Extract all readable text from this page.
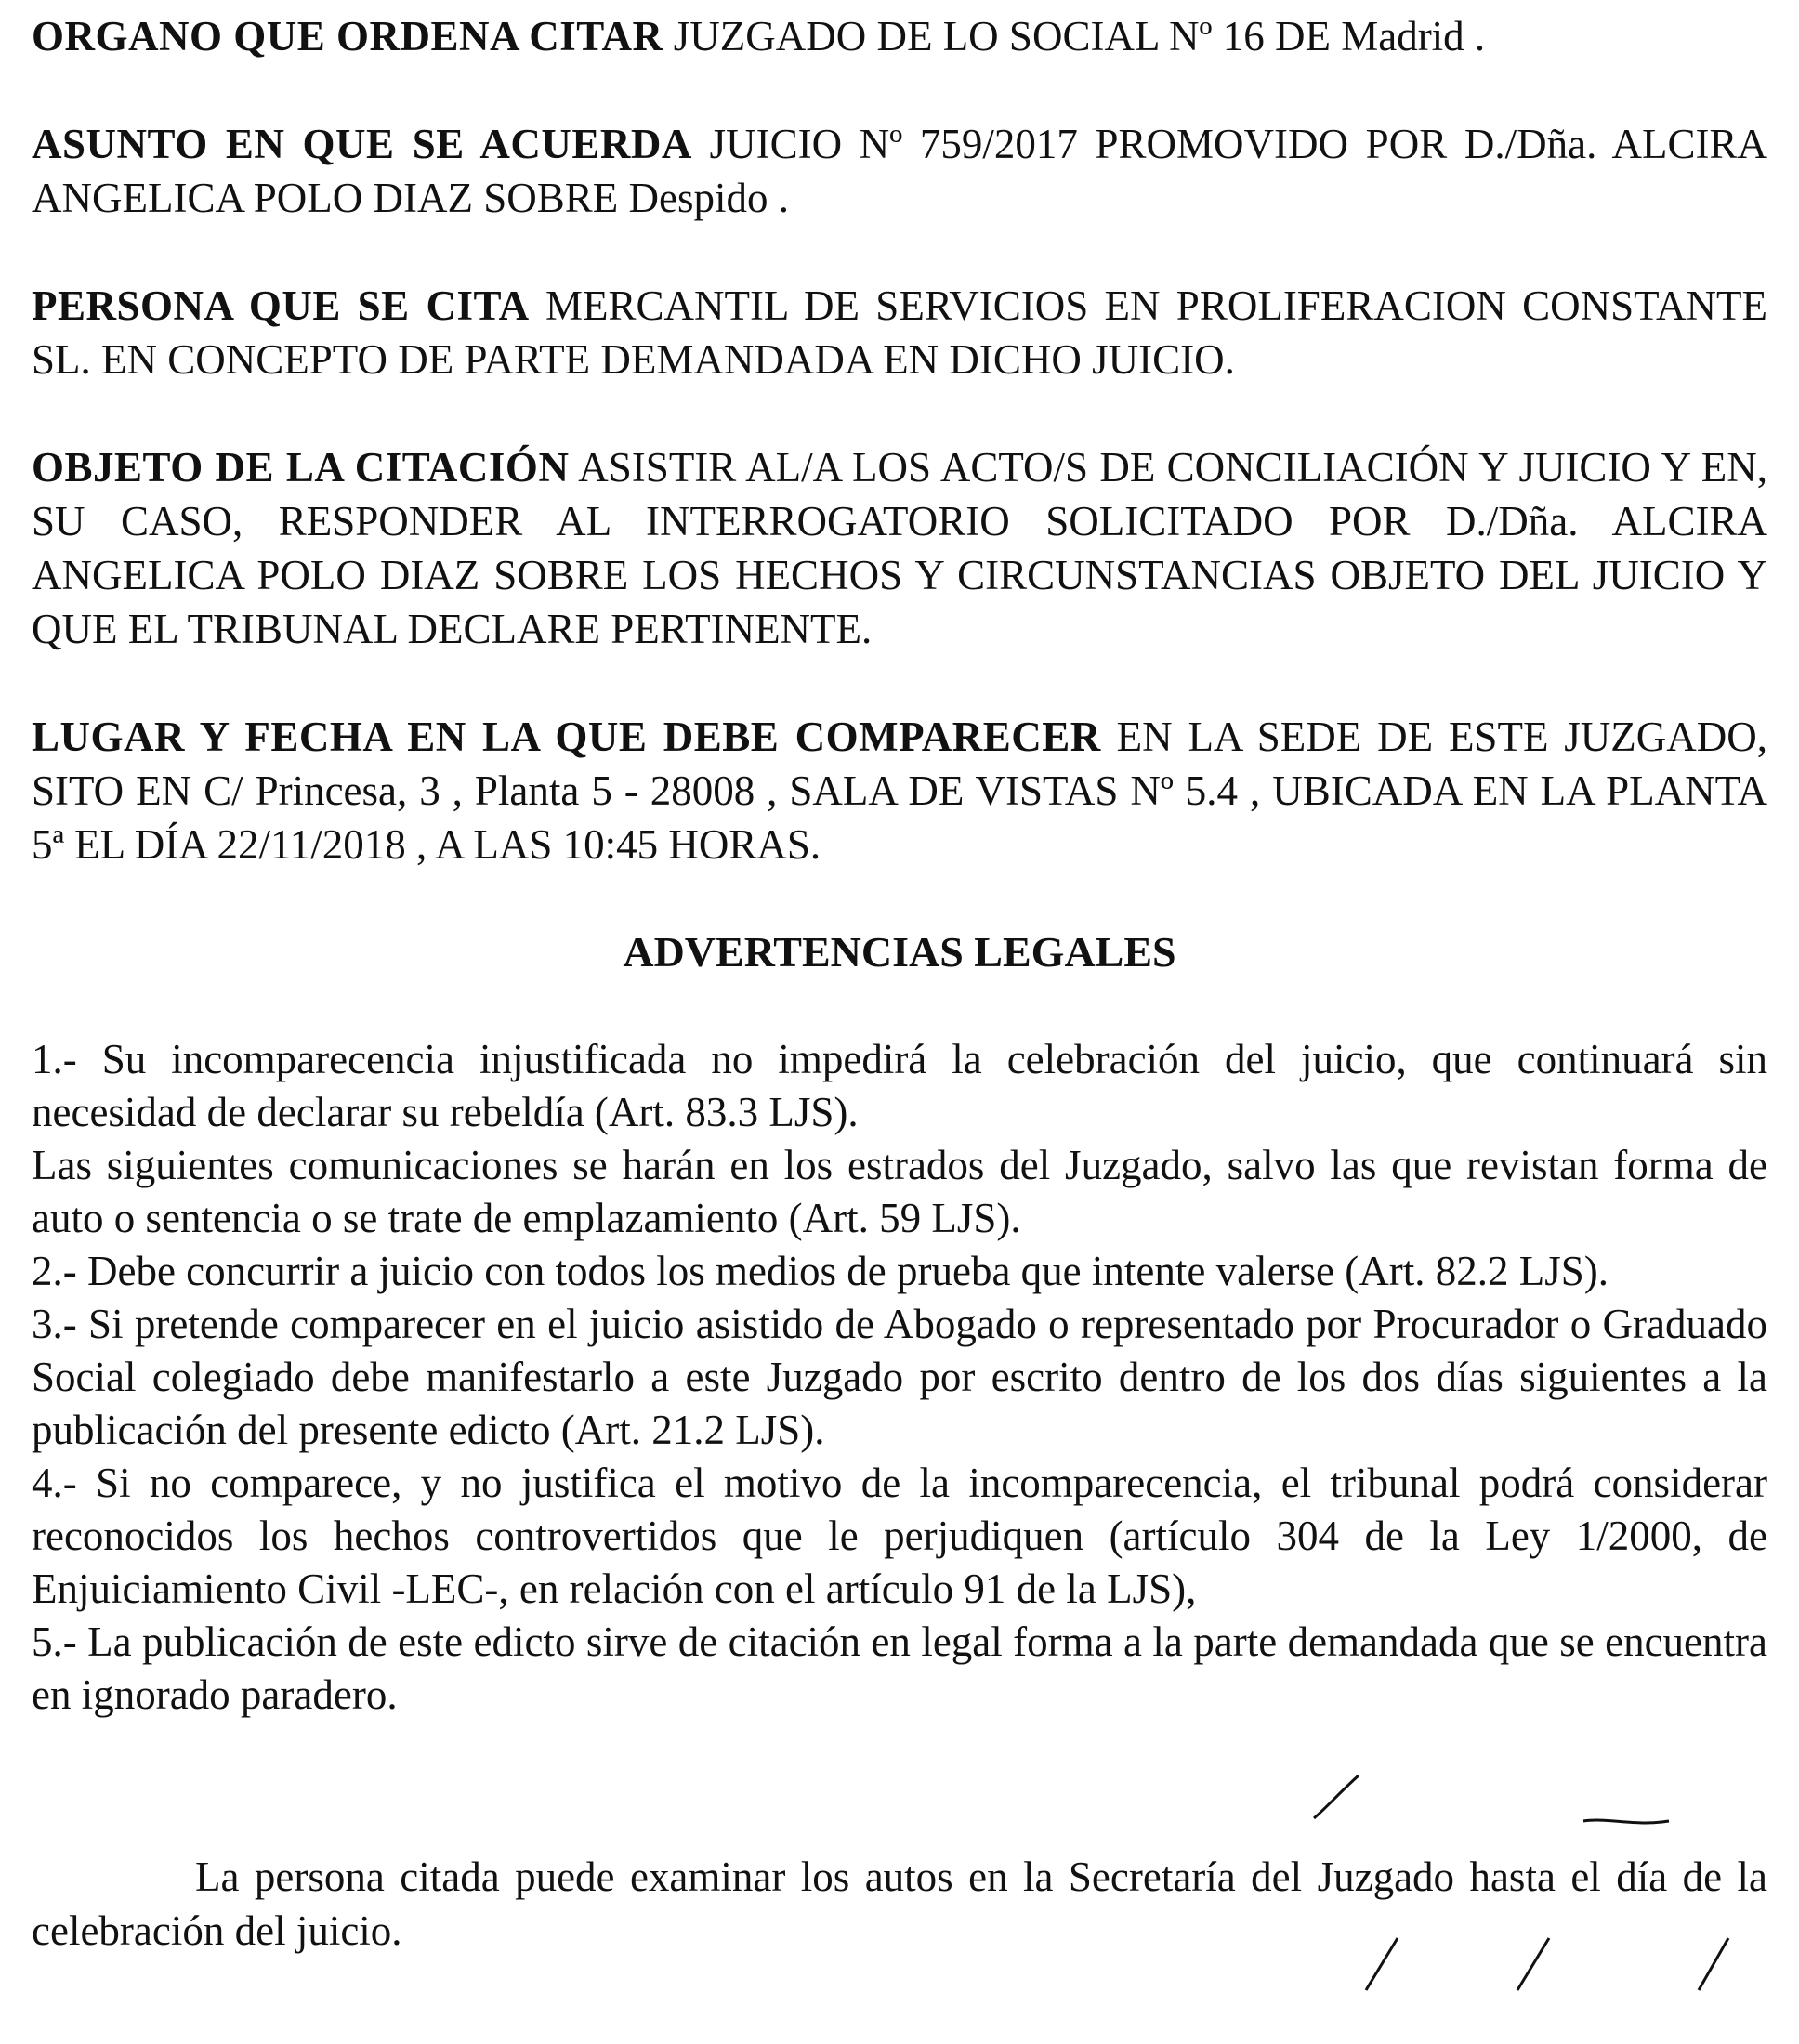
ORGANO QUE ORDENA CITAR JUZGADO DE LO SOCIAL Nº 16 DE Madrid .

ASUNTO EN QUE SE ACUERDA JUICIO Nº 759/2017 PROMOVIDO POR D./Dña. ALCIRA ANGELICA POLO DIAZ SOBRE Despido .

PERSONA QUE SE CITA MERCANTIL DE SERVICIOS EN PROLIFERACION CONSTANTE SL. EN CONCEPTO DE PARTE DEMANDADA EN DICHO JUICIO.

OBJETO DE LA CITACIÓN ASISTIR AL/A LOS ACTO/S DE CONCILIACIÓN Y JUICIO Y EN, SU CASO, RESPONDER AL INTERROGATORIO SOLICITADO POR D./Dña. ALCIRA ANGELICA POLO DIAZ SOBRE LOS HECHOS Y CIRCUNSTANCIAS OBJETO DEL JUICIO Y QUE EL TRIBUNAL DECLARE PERTINENTE.

LUGAR Y FECHA EN LA QUE DEBE COMPARECER EN LA SEDE DE ESTE JUZGADO, SITO EN C/ Princesa, 3 , Planta 5 - 28008 , SALA DE VISTAS Nº 5.4 , UBICADA EN LA PLANTA 5ª EL DÍA 22/11/2018 , A LAS 10:45 HORAS.

ADVERTENCIAS LEGALES

1.- Su incomparecencia injustificada no impedirá la celebración del juicio, que continuará sin necesidad de declarar su rebeldía (Art. 83.3 LJS).

Las siguientes comunicaciones se harán en los estrados del Juzgado, salvo las que revistan forma de auto o sentencia o se trate de emplazamiento (Art. 59 LJS).

2.- Debe concurrir a juicio con todos los medios de prueba que intente valerse (Art. 82.2 LJS).

3.- Si pretende comparecer en el juicio asistido de Abogado o representado por Procurador o Graduado Social colegiado debe manifestarlo a este Juzgado por escrito dentro de los dos días siguientes a la publicación del presente edicto (Art. 21.2 LJS).

4.- Si no comparece, y no justifica el motivo de la incomparecencia, el tribunal podrá considerar reconocidos los hechos controvertidos que le perjudiquen (artículo 304 de la Ley 1/2000, de Enjuiciamiento Civil -LEC-, en relación con el artículo 91 de la LJS),

5.- La publicación de este edicto sirve de citación en legal forma a la parte demandada que se encuentra en ignorado paradero.

La persona citada puede examinar los autos en la Secretaría del Juzgado hasta el día de la celebración del juicio.
